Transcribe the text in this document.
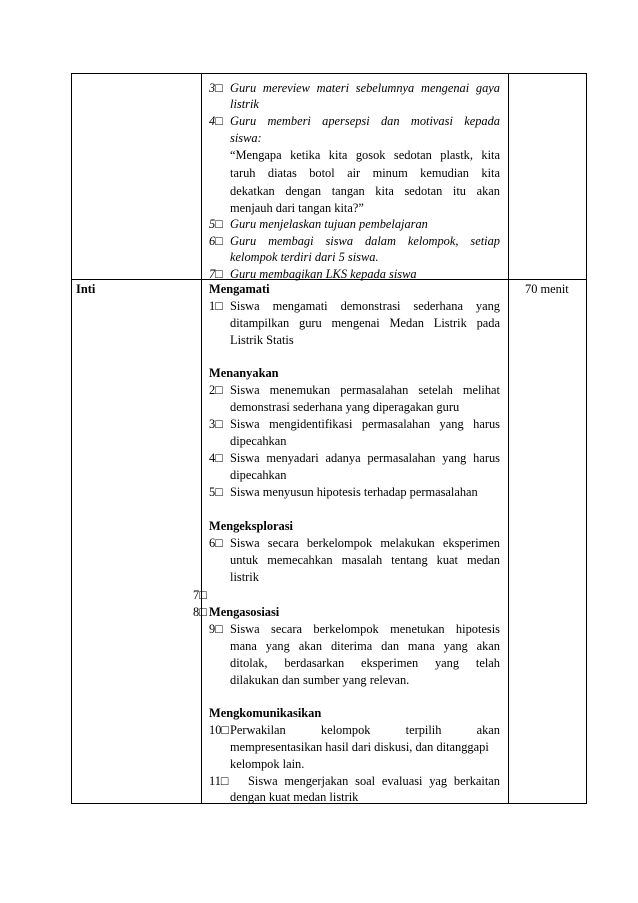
3□ Guru mereview materi sebelumnya mengenai gaya
listrik
4□ Guru memberi apersepsi dan motivasi kepada
siswa:
“Mengapa ketika kita gosok sedotan plastk, kita
taruh diatas botol air minum kemudian kita
dekatkan dengan tangan kita sedotan itu akan
menjauh dari tangan kita?”
5□ Guru menjelaskan tujuan pembelajaran
6□ Guru membagi siswa dalam kelompok, setiap
kelompok terdiri dari 5 siswa.
7□ Guru membagikan LKS kepada siswa
Inti	70 menit
Mengamati
1□ Siswa mengamati demonstrasi sederhana yang
ditampilkan guru mengenai Medan Listrik pada
Listrik Statis
Menanyakan
2□ Siswa menemukan permasalahan setelah melihat
demonstrasi sederhana yang diperagakan guru
3□ Siswa mengidentifikasi permasalahan yang harus
dipecahkan
4□ Siswa menyadari adanya permasalahan yang harus
dipecahkan
5□ Siswa menyusun hipotesis terhadap permasalahan
Mengeksplorasi
6□ Siswa secara berkelompok melakukan eksperimen
untuk memecahkan masalah tentang kuat medan
listrik
7□
8□ Mengasosiasi
9□ Siswa secara berkelompok menetukan hipotesis
mana yang akan diterima dan mana yang akan
ditolak, berdasarkan eksperimen yang telah
dilakukan dan sumber yang relevan.
Mengkomunikasikan
10□ Perwakilan kelompok terpilih akan
mempresentasikan hasil dari diskusi, dan ditanggapi
kelompok lain.
11□ Siswa mengerjakan soal evaluasi yag berkaitan
dengan kuat medan listrik
